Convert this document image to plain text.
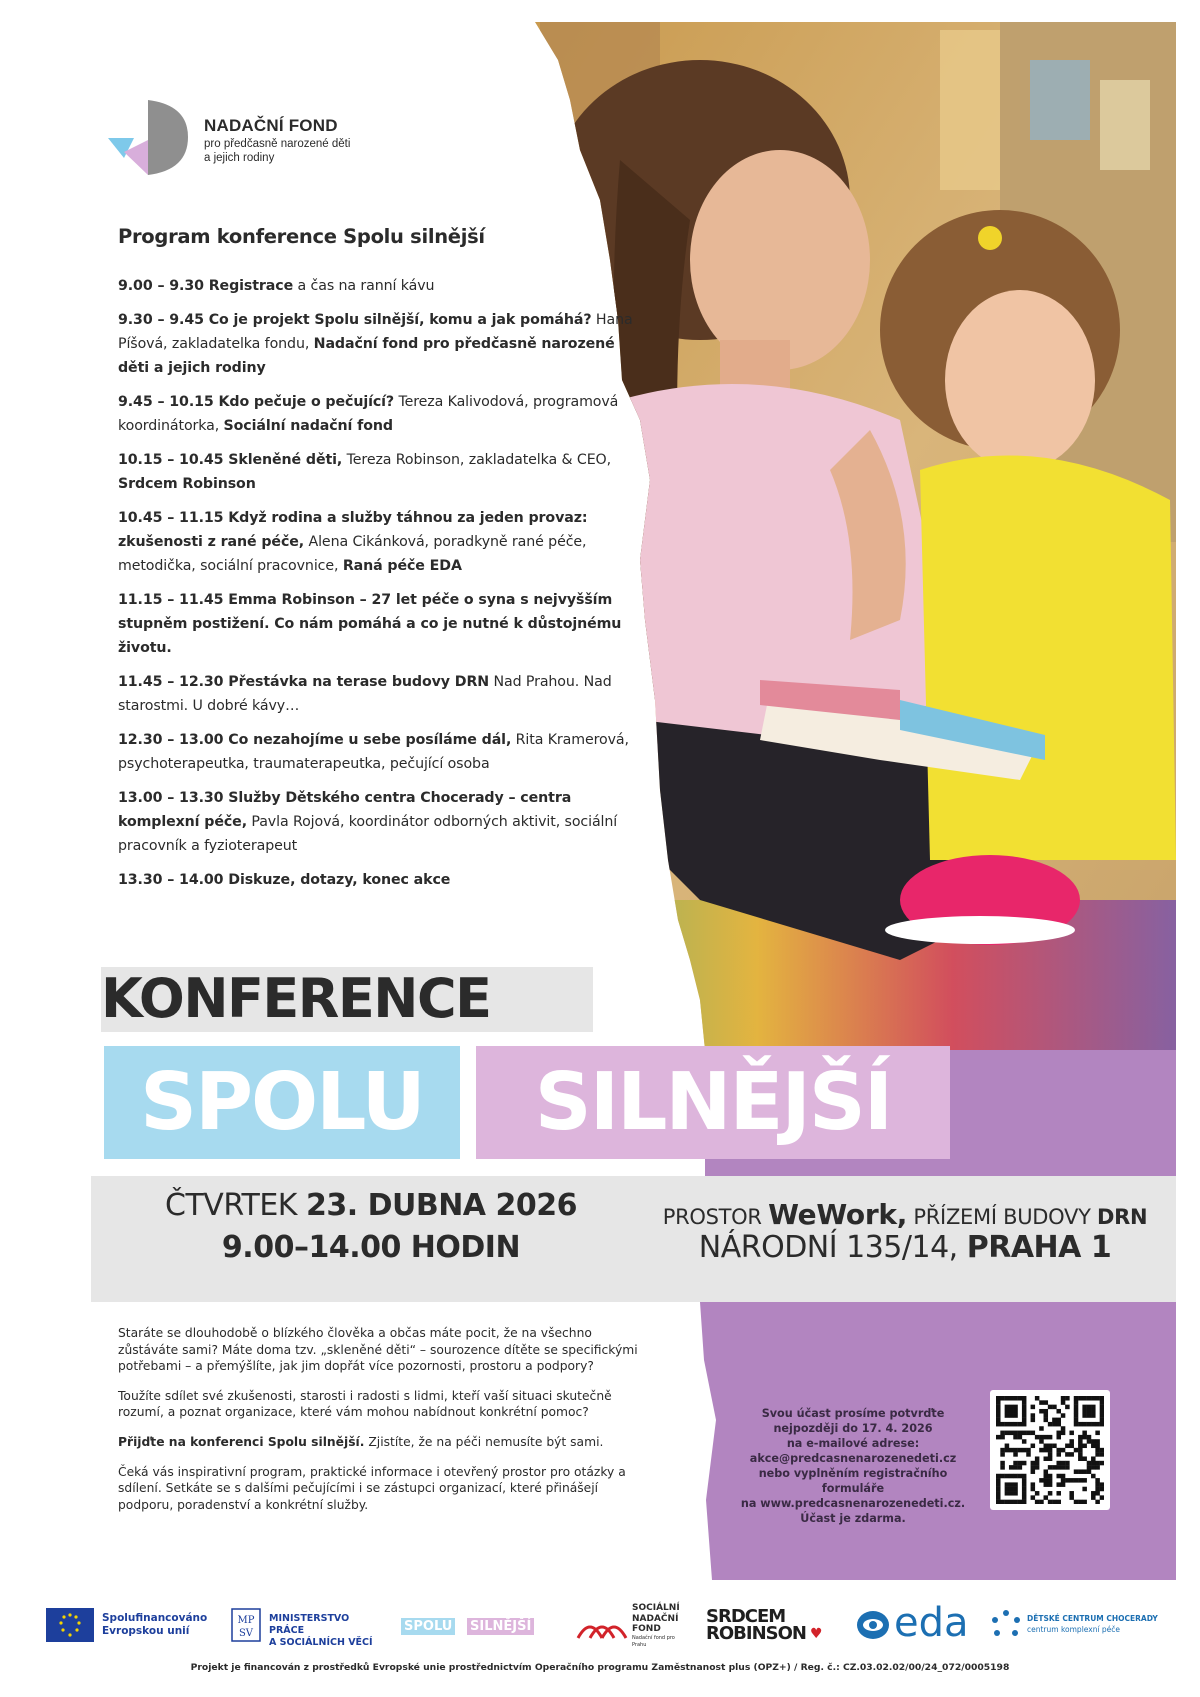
NADAČNÍ FOND
pro předčasně narozené děti
a jejich rodiny
Program konference Spolu silnější
9.00 – 9.30 Registrace a čas na ranní kávu
9.30 – 9.45 Co je projekt Spolu silnější, komu a jak pomáhá? Hana Píšová, zakladatelka fondu, Nadační fond pro předčasně narozené děti a jejich rodiny
9.45 – 10.15 Kdo pečuje o pečující? Tereza Kalivodová, programová koordinátorka, Sociální nadační fond
10.15 – 10.45 Skleněné děti, Tereza Robinson, zakladatelka & CEO, Srdcem Robinson
10.45 – 11.15 Když rodina a služby táhnou za jeden provaz: zkušenosti z rané péče, Alena Cikánková, poradkyně rané péče, metodička, sociální pracovnice, Raná péče EDA
11.15 – 11.45 Emma Robinson – 27 let péče o syna s nejvyšším stupněm postižení. Co nám pomáhá a co je nutné k důstojnému životu.
11.45 – 12.30 Přestávka na terase budovy DRN Nad Prahou. Nad starostmi. U dobré kávy…
12.30 – 13.00 Co nezahojíme u sebe posíláme dál, Rita Kramerová, psychoterapeutka, traumaterapeutka, pečující osoba
13.00 – 13.30 Služby Dětského centra Chocerady – centra komplexní péče, Pavla Rojová, koordinátor odborných aktivit, sociální pracovník a fyzioterapeut
13.30 – 14.00 Diskuze, dotazy, konec akce
KONFERENCE
SPOLU	SILNĚJŠÍ
ČTVRTEK 23. DUBNA 2026
9.00–14.00 HODIN
PROSTOR WeWork, PŘÍZEMÍ BUDOVY DRN
NÁRODNÍ 135/14, PRAHA 1

Staráte se dlouhodobě o blízkého člověka a občas máte pocit, že na všechno zůstáváte sami? Máte doma tzv. „skleněné děti“ – sourozence dítěte se specifickými potřebami – a přemýšlíte, jak jim dopřát více pozornosti, prostoru a podpory?

Toužíte sdílet své zkušenosti, starosti i radosti s lidmi, kteří vaší situaci skutečně rozumí, a poznat organizace, které vám mohou nabídnout konkrétní pomoc?

Přijďte na konferenci Spolu silnější. Zjistíte, že na péči nemusíte být sami.

Čeká vás inspirativní program, praktické informace i otevřený prostor pro otázky a sdílení. Setkáte se s dalšími pečujícími i se zástupci organizací, které přinášejí podporu, poradenství a konkrétní služby.

Svou účast prosíme potvrďte
nejpozději do 17. 4. 2026
na e-mailové adrese:
akce@predcasnenarozenedeti.cz
nebo vyplněním registračního formuláře
na www.predcasnenarozenedeti.cz.
Účast je zdarma.
Spolufinancováno
Evropskou unií
MP
SV
MINISTERSTVO PRÁCE
A SOCIÁLNÍCH VĚCÍ
SPOLU SILNĚJŠÍ
SOCIÁLNÍ
NADAČNÍ
FOND
Nadační fond pro Prahu
SRDCEM
ROBINSON ♥ eda	DĚTSKÉ CENTRUM CHOCERADY
centrum komplexní péče
Projekt je financován z prostředků Evropské unie prostřednictvím Operačního programu Zaměstnanost plus (OPZ+) / Reg. č.: CZ.03.02.02/00/24_072/0005198
